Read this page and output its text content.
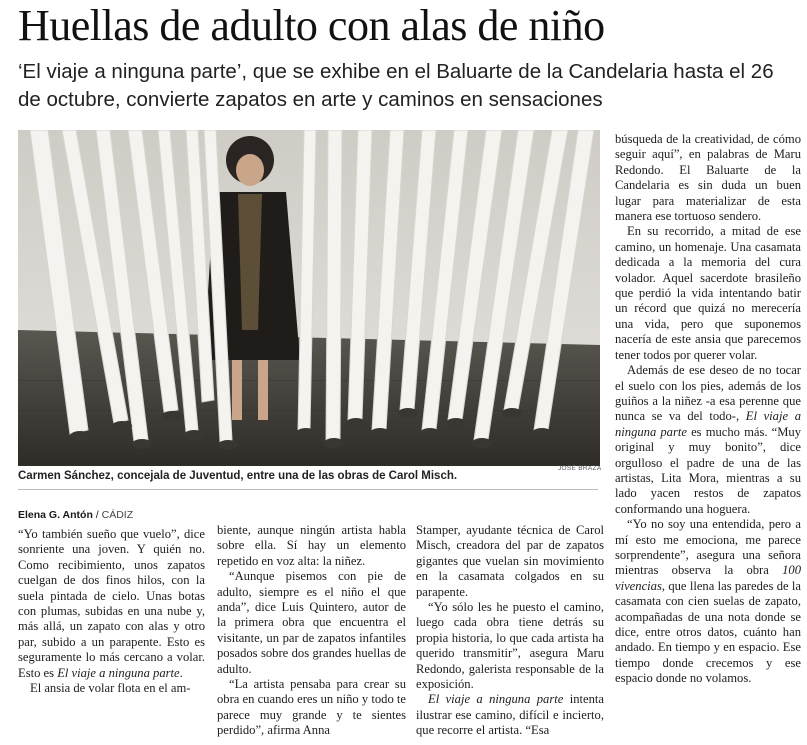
Huellas de adulto con alas de niño
‘El viaje a ninguna parte’, que se exhibe en el Baluarte de la Candelaria hasta el 26 de octubre, convierte zapatos en arte y caminos en sensaciones
JOSÉ BRAZA
Carmen Sánchez, concejala de Juventud, entre una de las obras de Carol Misch.
Elena G. Antón / CÁDIZ

“Yo también sueño que vuelo”, dice sonriente una joven. Y quién no. Como recibimiento, unos zapatos cuelgan de dos finos hilos, con la suela pintada de cielo. Unas botas con plumas, subidas en una nube y, más allá, un zapato con alas y otro par, subido a un parapente. Esto es seguramente lo más cercano a volar. Esto es El viaje a ninguna parte.

El ansia de volar flota en el am-

biente, aunque ningún artista habla sobre ella. Sí hay un elemento repetido en voz alta: la niñez.

“Aunque pisemos con pie de adulto, siempre es el niño el que anda”, dice Luis Quintero, autor de la primera obra que encuentra el visitante, un par de zapatos infantiles posados sobre dos grandes huellas de adulto.

“La artista pensaba para crear su obra en cuando eres un niño y todo te parece muy grande y te sientes perdido”, afirma Anna

Stamper, ayudante técnica de Carol Misch, creadora del par de zapatos gigantes que vuelan sin movimiento en la casamata colgados en su parapente.

“Yo sólo les he puesto el camino, luego cada obra tiene detrás su propia historia, lo que cada artista ha querido transmitir”, asegura Maru Redondo, galerista responsable de la exposición.

El viaje a ninguna parte intenta ilustrar ese camino, difícil e incierto, que recorre el artista. “Esa

búsqueda de la creatividad, de cómo seguir aquí”, en palabras de Maru Redondo. El Baluarte de la Candelaria es sin duda un buen lugar para materializar de esta manera ese tortuoso sendero.

En su recorrido, a mitad de ese camino, un homenaje. Una casamata dedicada a la memoria del cura volador. Aquel sacerdote brasileño que perdió la vida intentando batir un récord que quizá no merecería una vida, pero que suponemos nacería de este ansia que parecemos tener todos por querer volar.

Además de ese deseo de no tocar el suelo con los pies, además de los guiños a la niñez -a esa perenne que nunca se va del todo-, El viaje a ninguna parte es mucho más. “Muy original y muy bonito”, dice orgulloso el padre de una de las artistas, Lita Mora, mientras a su lado yacen restos de zapatos conformando una hoguera.

“Yo no soy una entendida, pero a mí esto me emociona, me parece sorprendente”, asegura una señora mientras observa la obra 100 vivencias, que llena las paredes de la casamata con cien suelas de zapato, acompañadas de una nota donde se dice, entre otros datos, cuánto han andado. En tiempo y en espacio. Ese tiempo donde crecemos y ese espacio donde no volamos.
